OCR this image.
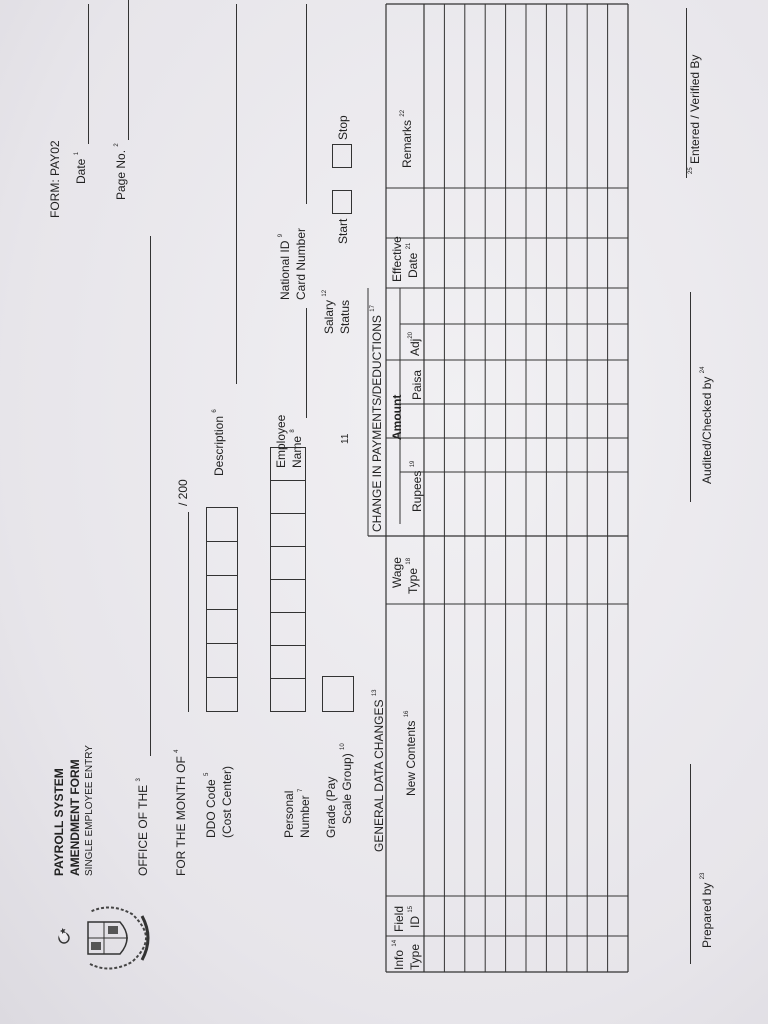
— — — — — — — — — — — — — — —
PAYROLL SYSTEM AMENDMENT FORM SINGLE EMPLOYEE ENTRY
FORM: PAY02 Date $^1$	Page No. $^2$
OFFICE OF THE $^3$	FOR THE MONTH OF $^4$
/ 200
DDO Code $^5$ (Cost Center)
Description $^6$
Personal Number $^7$
Employee Name $^8$
National ID $^9$ Card Number
Grade (Pay Scale Group) $^{10}$
11
Salary $^{12}$
Status
Start
Stop
GENERAL DATA CHANGES $^{13}$
CHANGE IN PAYMENTS/DEDUCTIONS $^{17}$
Info $^{14}$
Type
Field ID $^{15}$
New Contents $^{16}$
Wage Type $^{18}$
Amount
Rupees $^{19}$
Paisa
Adj$^{20}$
Effective Date $^{21}$
Remarks $^{22}$
Prepared by $^{23}$
Audited/Checked by $^{24}$
$^{25}$ Entered / Verified By
